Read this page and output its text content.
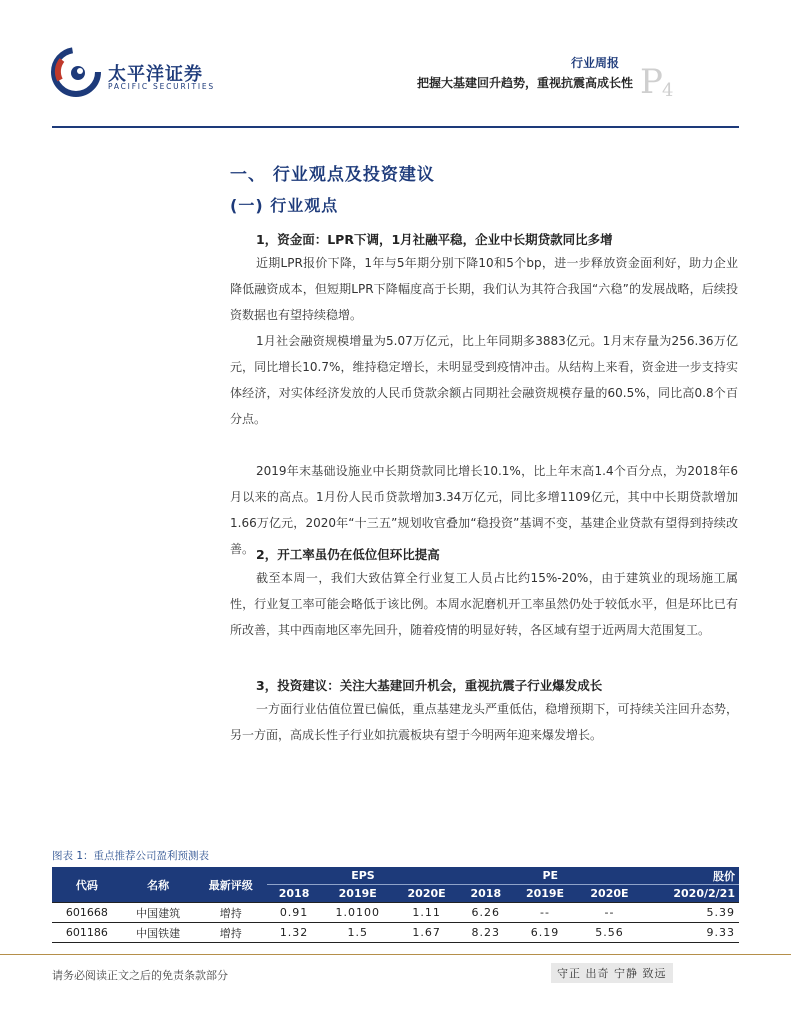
太平洋证券
PACIFIC SECURITIES
行业周报
把握大基建回升趋势，重视抗震高成长性 P 4
一、 行业观点及投资建议
(一) 行业观点
1，资金面：LPR下调，1月社融平稳，企业中长期贷款同比多增

近期LPR报价下降，1年与5年期分别下降10和5个bp，进一步释放资金面利好，助力企业降低融资成本，但短期LPR下降幅度高于长期，我们认为其符合我国“六稳”的发展战略，后续投资数据也有望持续稳增。

1月社会融资规模增量为5.07万亿元，比上年同期多3883亿元。1月末存量为256.36万亿元，同比增长10.7%，维持稳定增长，未明显受到疫情冲击。从结构上来看，资金进一步支持实体经济，对实体经济发放的人民币贷款余额占同期社会融资规模存量的60.5%，同比高0.8个百分点。

2019年末基础设施业中长期贷款同比增长10.1%，比上年末高1.4个百分点，为2018年6月以来的高点。1月份人民币贷款增加3.34万亿元，同比多增1109亿元，其中中长期贷款增加1.66万亿元，2020年“十三五”规划收官叠加“稳投资”基调不变，基建企业贷款有望得到持续改善。 2，开工率虽仍在低位但环比提高

截至本周一，我们大致估算全行业复工人员占比约15%-20%，由于建筑业的现场施工属性，行业复工率可能会略低于该比例。本周水泥磨机开工率虽然仍处于较低水平，但是环比已有所改善，其中西南地区率先回升，随着疫情的明显好转，各区域有望于近两周大范围复工。

3，投资建议：关注大基建回升机会，重视抗震子行业爆发成长

一方面行业估值位置已偏低，重点基建龙头严重低估，稳增预期下，可持续关注回升态势，另一方面，高成长性子行业如抗震板块有望于今明两年迎来爆发增长。

图表 1：重点推荐公司盈利预测表
代码	名称	最新评级	EPS			PE			股价
			2018	2019E	2020E	2018	2019E	2020E	2020/2/21
601668	中国建筑	增持	0.91	1.0100	1.11	6.26	--	--	5.39
601186	中国铁建	增持	1.32	1.5	1.67	8.23	6.19	5.56	9.33
请务必阅读正文之后的免责条款部分	守正 出奇 宁静 致远
